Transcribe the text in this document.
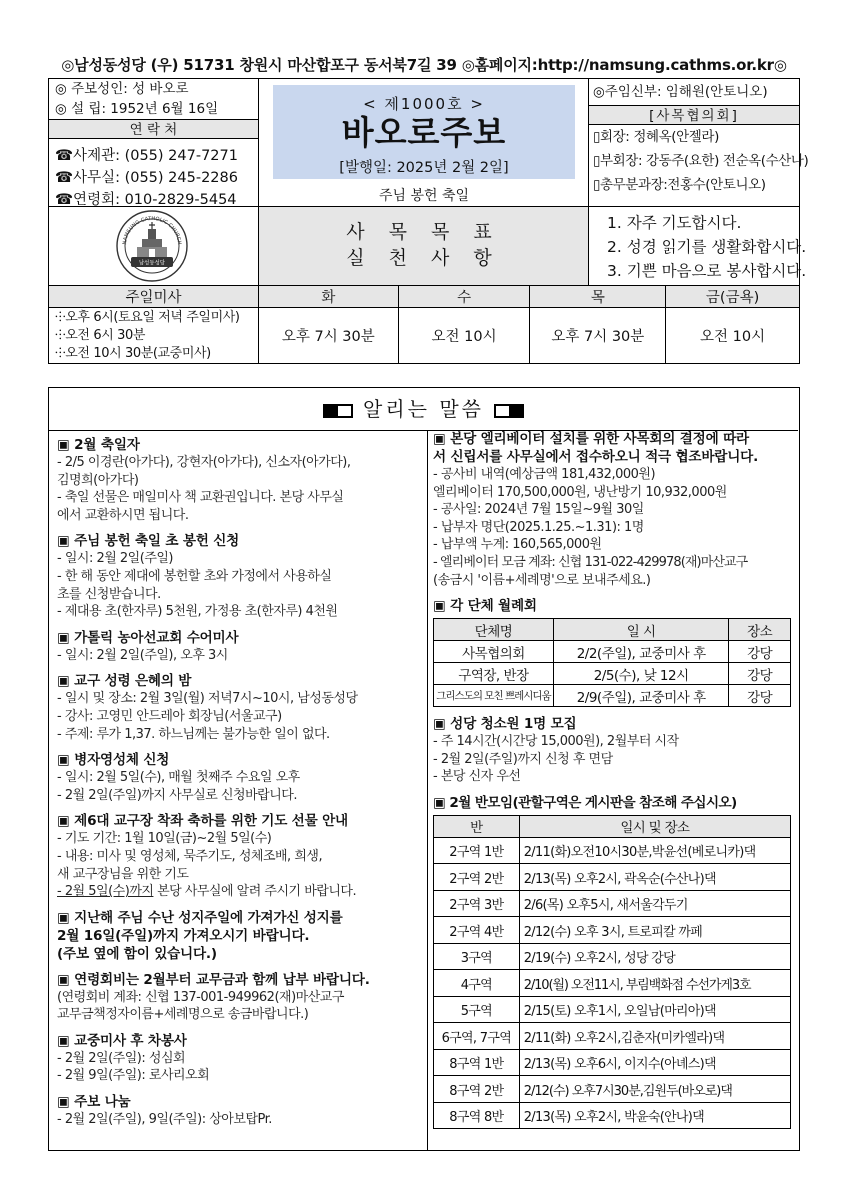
◎남성동성당 (우) 51731 창원시 마산합포구 동서북7길 39 ◎홈페이지:http://namsung.cathms.or.kr◎
◎ 주보성인: 성 바오로
◎ 설 립: 1952년 6월 16일
연 락 처
☎사제관: (055) 247-7271
☎사무실: (055) 245-2286
☎연령회: 010-2829-5454
< 제1000호 >
바오로주보
[발행일: 2025년 2월 2일]
주님 봉헌 축일
◎주임신부: 임해원(안토니오)
[사목협의회]
▯회장: 정혜옥(안젤라)
▯부회장: 강동주(요한) 전순옥(수산나)
▯총무분과장:전홍수(안토니오)
NAMSUNG CATHOLIC CHURCH
남성동성당
사 목 목 표
실 천 사 항
1. 자주 기도합시다.
2. 성경 읽기를 생활화합시다.
3. 기쁜 마음으로 봉사합시다.
주일미사	화	수	목	금(금욕)

⸭오후 6시(토요일 저녁 주일미사)
⸭오전 6시 30분
⸭오전 10시 30분(교중미사)	오후 7시 30분	오전 10시	오후 7시 30분	오전 10시
알리는 말씀
▣ 2월 축일자
- 2/5 이경란(아가다), 강현자(아가다), 신소자(아가다),
김명희(아가다)
- 축일 선물은 매일미사 책 교환권입니다. 본당 사무실
에서 교환하시면 됩니다.
▣ 주님 봉헌 축일 초 봉헌 신청
- 일시: 2월 2일(주일)
- 한 해 동안 제대에 봉헌할 초와 가정에서 사용하실
초를 신청받습니다.
- 제대용 초(한자루) 5천원, 가정용 초(한자루) 4천원
▣ 가톨릭 농아선교회 수어미사
- 일시: 2월 2일(주일), 오후 3시
▣ 교구 성령 은혜의 밤
- 일시 및 장소: 2월 3일(월) 저녁7시~10시, 남성동성당
- 강사: 고영민 안드레아 회장님(서울교구)
- 주제: 루가 1,37. 하느님께는 불가능한 일이 없다.
▣ 병자영성체 신청
- 일시: 2월 5일(수), 매월 첫째주 수요일 오후
- 2월 2일(주일)까지 사무실로 신청바랍니다.
▣ 제6대 교구장 착좌 축하를 위한 기도 선물 안내
- 기도 기간: 1월 10일(금)~2월 5일(수)
- 내용: 미사 및 영성체, 묵주기도, 성체조배, 희생,
새 교구장님을 위한 기도
- 2월 5일(수)까지 본당 사무실에 알려 주시기 바랍니다.
▣ 지난해 주님 수난 성지주일에 가져가신 성지를
2월 16일(주일)까지 가져오시기 바랍니다.
(주보 옆에 함이 있습니다.)
▣ 연령회비는 2월부터 교무금과 함께 납부 바랍니다.
(연령회비 계좌: 신협 137-001-949962(재)마산교구
교무금책정자이름+세례명으로 송금바랍니다.)
▣ 교중미사 후 차봉사
- 2월 2일(주일): 성심회
- 2월 9일(주일): 로사리오회
▣ 주보 나눔
- 2월 2일(주일), 9일(주일): 상아보탑Pr.
▣ 본당 엘리베이터 설치를 위한 사목회의 결정에 따라
서 신립서를 사무실에서 접수하오니 적극 협조바랍니다.
- 공사비 내역(예상금액 181,432,000원)
엘리베이터 170,500,000원, 냉난방기 10,932,000원
- 공사일: 2024년 7월 15일~9월 30일
- 납부자 명단(2025.1.25.~1.31): 1명
- 납부액 누계: 160,565,000원
- 엘리베이터 모금 계좌: 신협 131-022-429978(재)마산교구
(송금시 '이름+세례명'으로 보내주세요.)
▣ 각 단체 월례회
단체명	일 시	장소
사목협의회	2/2(주일), 교중미사 후	강당
구역장, 반장	2/5(수), 낮 12시	강당
그리스도의 모친 쁘레시디움	2/9(주일), 교중미사 후	강당
▣ 성당 청소원 1명 모집
- 주 14시간(시간당 15,000원), 2월부터 시작
- 2월 2일(주일)까지 신청 후 면담
- 본당 신자 우선
▣ 2월 반모임(관할구역은 게시판을 참조해 주십시오)
반	일시 및 장소
2구역 1반	2/11(화)오전10시30분,박윤선(베로니카)댁
2구역 2반	2/13(목) 오후2시, 곽옥순(수산나)댁
2구역 3반	2/6(목) 오후5시, 새서울각두기
2구역 4반	2/12(수) 오후 3시, 트로피칼 까페
3구역	2/19(수) 오후2시, 성당 강당
4구역	2/10(월) 오전11시, 부림백화점 수선가게3호
5구역	2/15(토) 오후1시, 오일남(마리아)댁
6구역, 7구역	2/11(화) 오후2시,김춘자(미카엘라)댁
8구역 1반	2/13(목) 오후6시, 이지수(아녜스)댁
8구역 2반	2/12(수) 오후7시30분,김원두(바오로)댁
8구역 8반	2/13(목) 오후2시, 박윤숙(안나)댁
